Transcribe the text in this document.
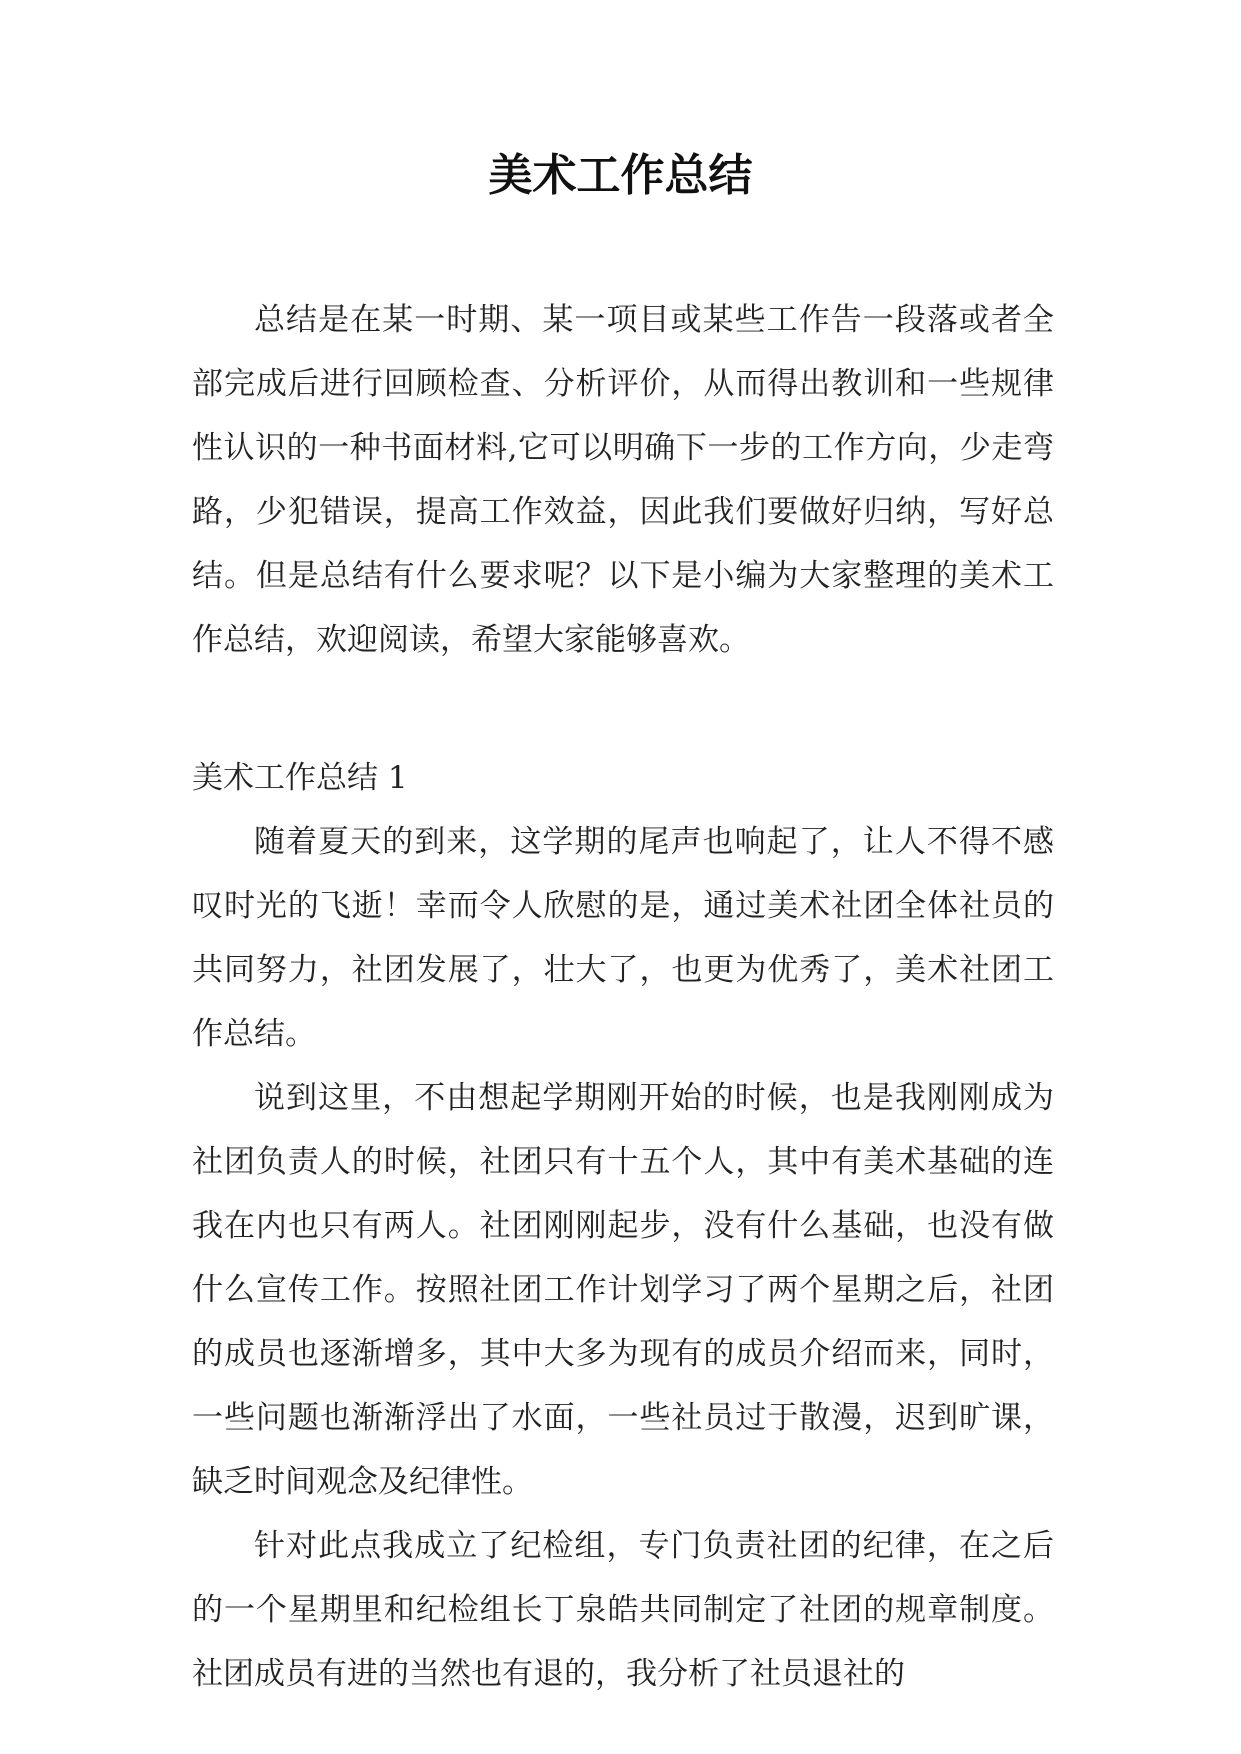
美术工作总结

总结是在某一时期、某一项目或某些工作告一段落或者全部完成后进行回顾检查、分析评价，从而得出教训和一些规律性认识的一种书面材料,它可以明确下一步的工作方向，少走弯路，少犯错误，提高工作效益，因此我们要做好归纳，写好总结。但是总结有什么要求呢？以下是小编为大家整理的美术工作总结，欢迎阅读，希望大家能够喜欢。

美术工作总结 1

随着夏天的到来，这学期的尾声也响起了，让人不得不感叹时光的飞逝！幸而令人欣慰的是，通过美术社团全体社员的共同努力，社团发展了，壮大了，也更为优秀了，美术社团工作总结。

说到这里，不由想起学期刚开始的时候，也是我刚刚成为社团负责人的时候，社团只有十五个人，其中有美术基础的连我在内也只有两人。社团刚刚起步，没有什么基础，也没有做什么宣传工作。按照社团工作计划学习了两个星期之后，社团的成员也逐渐增多，其中大多为现有的成员介绍而来，同时，一些问题也渐渐浮出了水面，一些社员过于散漫，迟到旷课，缺乏时间观念及纪律性。

针对此点我成立了纪检组，专门负责社团的纪律，在之后的一个星期里和纪检组长丁泉皓共同制定了社团的规章制度。社团成员有进的当然也有退的，我分析了社员退社的
